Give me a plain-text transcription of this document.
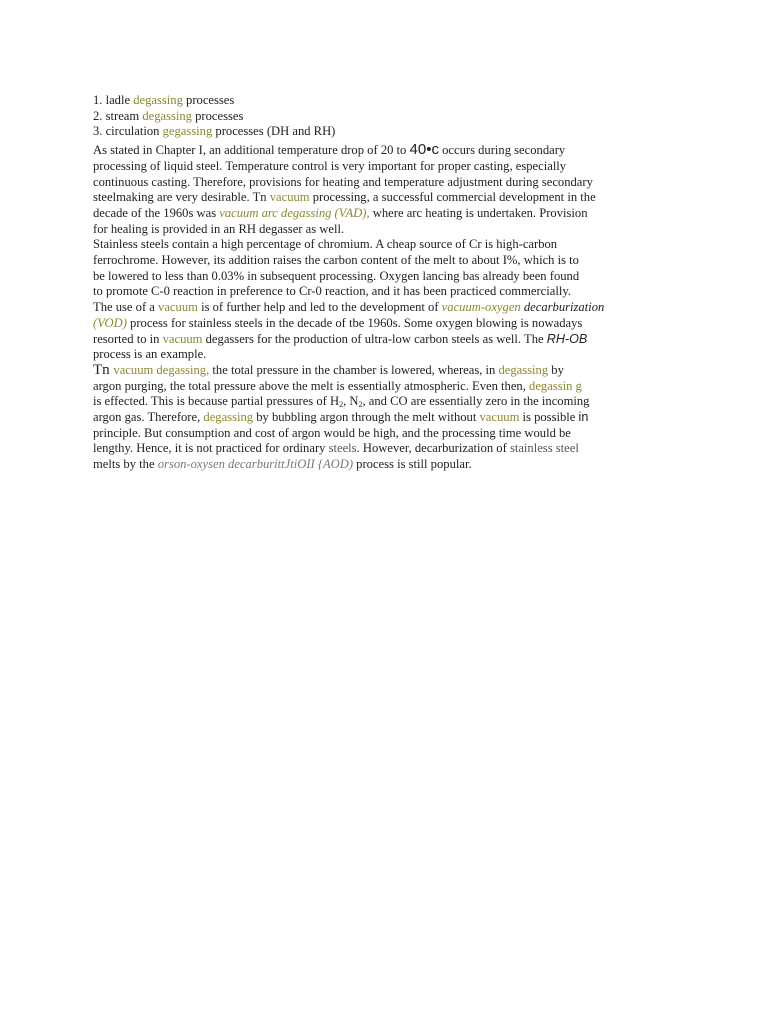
1. ladle degassing processes
2. stream degassing processes
3. circulation gegassing processes (DH and RH)
As stated in Chapter I, an additional temperature drop of 20 to 40•c occurs during secondary
processing of liquid steel. Temperature control is very important for proper casting, especially
continuous casting. Therefore, provisions for heating and temperature adjustment during secondary
steelmaking are very desirable. Tn vacuum processing, a successful commercial development in the
decade of the 1960s was vacuum arc degassing (VAD), where arc heating is undertaken. Provision
for healing is provided in an RH degasser as well.
Stainless steels contain a high percentage of chromium. A cheap source of Cr is high-carbon
ferrochrome. However, its addition raises the carbon content of the melt to about I%, which is to
be lowered to less than 0.03% in subsequent processing. Oxygen lancing bas already been found
to promote C-0 reaction in preference to Cr-0 reaction, and it has been practiced commercially.
The use of a vacuum is of further help and led to the development of vacuum-oxygen decarburization
(VOD) process for stainless steels in the decade of tbe 1960s. Some oxygen blowing is nowadays
resorted to in vacuum degassers for the production of ultra-low carbon steels as well. The RH-OB
process is an example.
Tn vacuum degassing, the total pressure in the chamber is lowered, whereas, in degassing by
argon purging, the total pressure above the melt is essentially atmospheric. Even then, degassin g
is effected. This is because partial pressures of $H_2$, $N_2$, and CO are essentially zero in the incoming
argon gas. Therefore, degassing by bubbling argon through the melt without vacuum is possible in
principle. But consumption and cost of argon would be high, and the processing time would be
lengthy. Hence, it is not practiced for ordinary steels. However, decarburization of stainless steel
melts by the orson-oxysen decarburittJtiOII {AOD) process is still popular.
